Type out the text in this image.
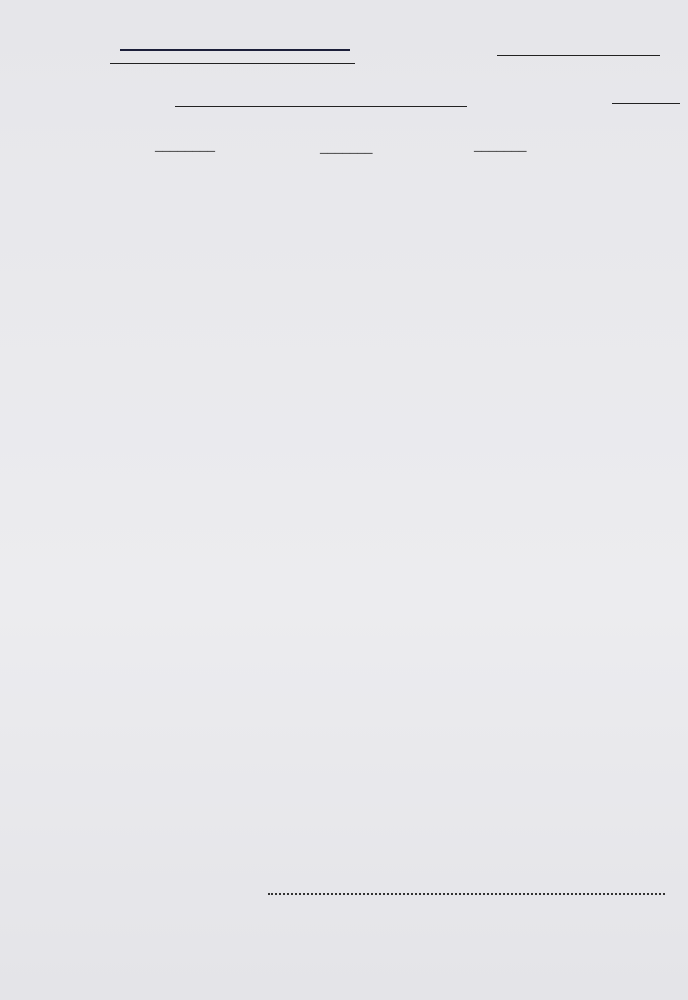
________	_______	_______
